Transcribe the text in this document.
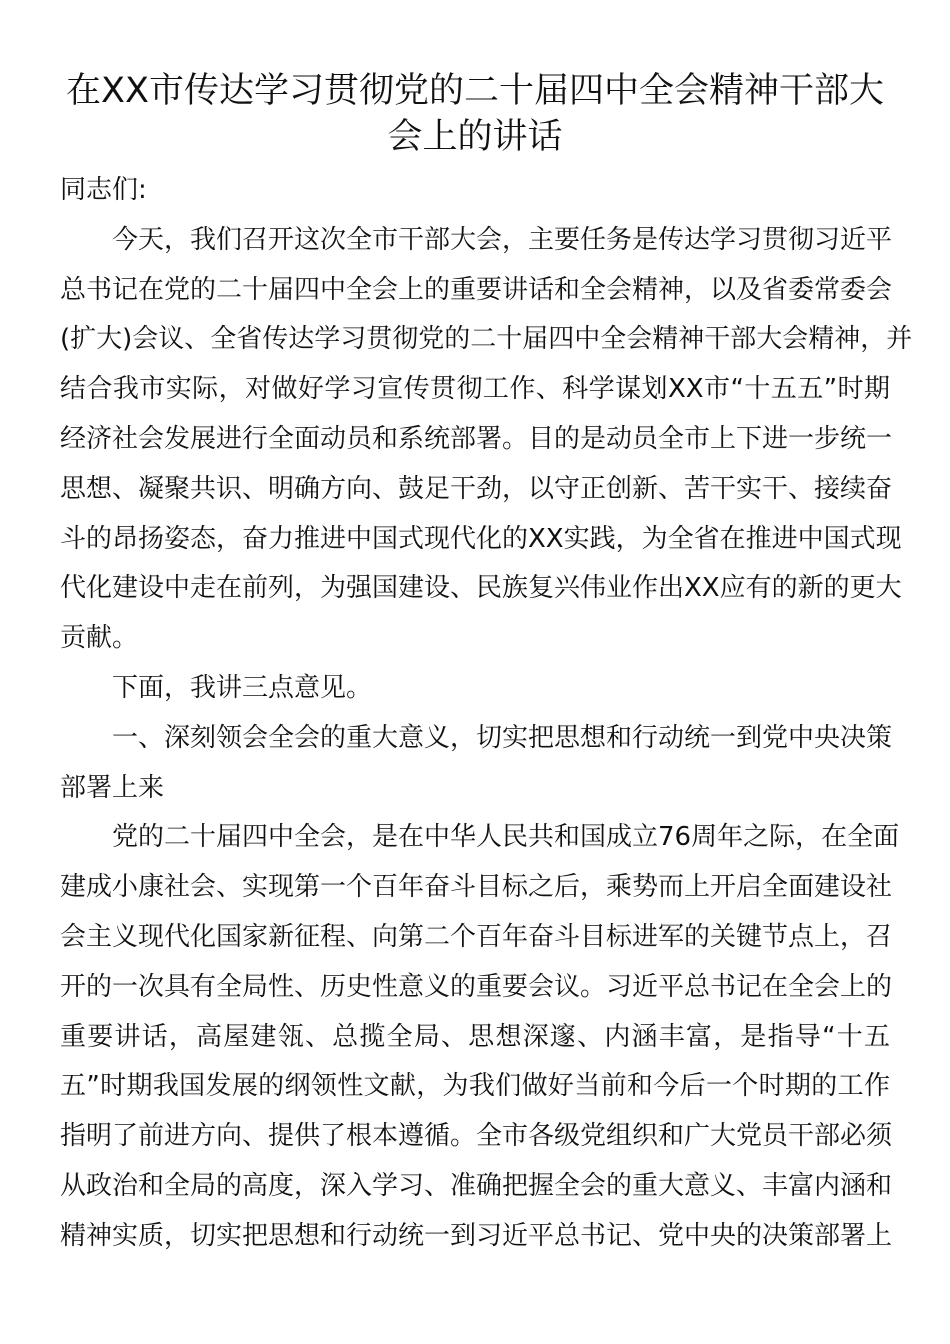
在XX市传达学习贯彻党的二十届四中全会精神干部大
会上的讲话
同志们:
今天，我们召开这次全市干部大会，主要任务是传达学习贯彻习近平
总书记在党的二十届四中全会上的重要讲话和全会精神，以及省委常委会
(扩大)会议、全省传达学习贯彻党的二十届四中全会精神干部大会精神，并
结合我市实际，对做好学习宣传贯彻工作、科学谋划XX市“十五五”时期
经济社会发展进行全面动员和系统部署。目的是动员全市上下进一步统一
思想、凝聚共识、明确方向、鼓足干劲，以守正创新、苦干实干、接续奋
斗的昂扬姿态，奋力推进中国式现代化的XX实践，为全省在推进中国式现
代化建设中走在前列，为强国建设、民族复兴伟业作出XX应有的新的更大
贡献。
下面，我讲三点意见。
一、深刻领会全会的重大意义，切实把思想和行动统一到党中央决策
部署上来
党的二十届四中全会，是在中华人民共和国成立76周年之际，在全面
建成小康社会、实现第一个百年奋斗目标之后，乘势而上开启全面建设社
会主义现代化国家新征程、向第二个百年奋斗目标进军的关键节点上，召
开的一次具有全局性、历史性意义的重要会议。习近平总书记在全会上的
重要讲话，高屋建瓴、总揽全局、思想深邃、内涵丰富，是指导“十五
五”时期我国发展的纲领性文献，为我们做好当前和今后一个时期的工作
指明了前进方向、提供了根本遵循。全市各级党组织和广大党员干部必须
从政治和全局的高度，深入学习、准确把握全会的重大意义、丰富内涵和
精神实质，切实把思想和行动统一到习近平总书记、党中央的决策部署上
